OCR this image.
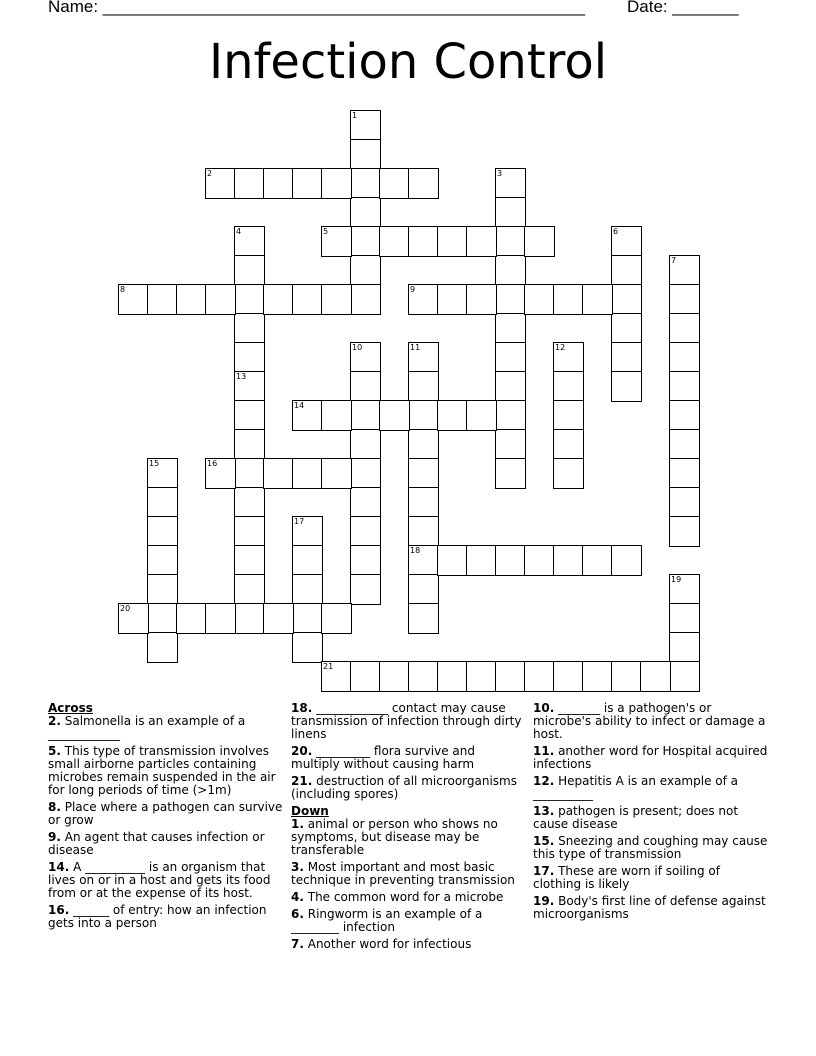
Name: ___________________________________________________ Date: _______
Infection Control
1
2	3
4	5	6
7
8	9
10	11	12
13
14
15	16
17
18
19
20
21
Across
2. Salmonella is an example of a ____________
5. This type of transmission involves small airborne particles containing microbes remain suspended in the air for long periods of time (>1m)
8. Place where a pathogen can survive or grow
9. An agent that causes infection or disease
14. A __________ is an organism that lives on or in a host and gets its food from or at the expense of its host.
16. ______ of entry: how an infection gets into a person
18. ____________ contact may cause transmission of infection through dirty linens
20. _________ flora survive and multiply without causing harm
21. destruction of all microorganisms (including spores)
Down
1. animal or person who shows no symptoms, but disease may be transferable
3. Most important and most basic technique in preventing transmission
4. The common word for a microbe
6. Ringworm is an example of a ________ infection
7. Another word for infectious
10. _______ is a pathogen's or microbe's ability to infect or damage a host.
11. another word for Hospital acquired infections
12. Hepatitis A is an example of a __________
13. pathogen is present; does not cause disease
15. Sneezing and coughing may cause this type of transmission
17. These are worn if soiling of clothing is likely
19. Body's first line of defense against microorganisms
